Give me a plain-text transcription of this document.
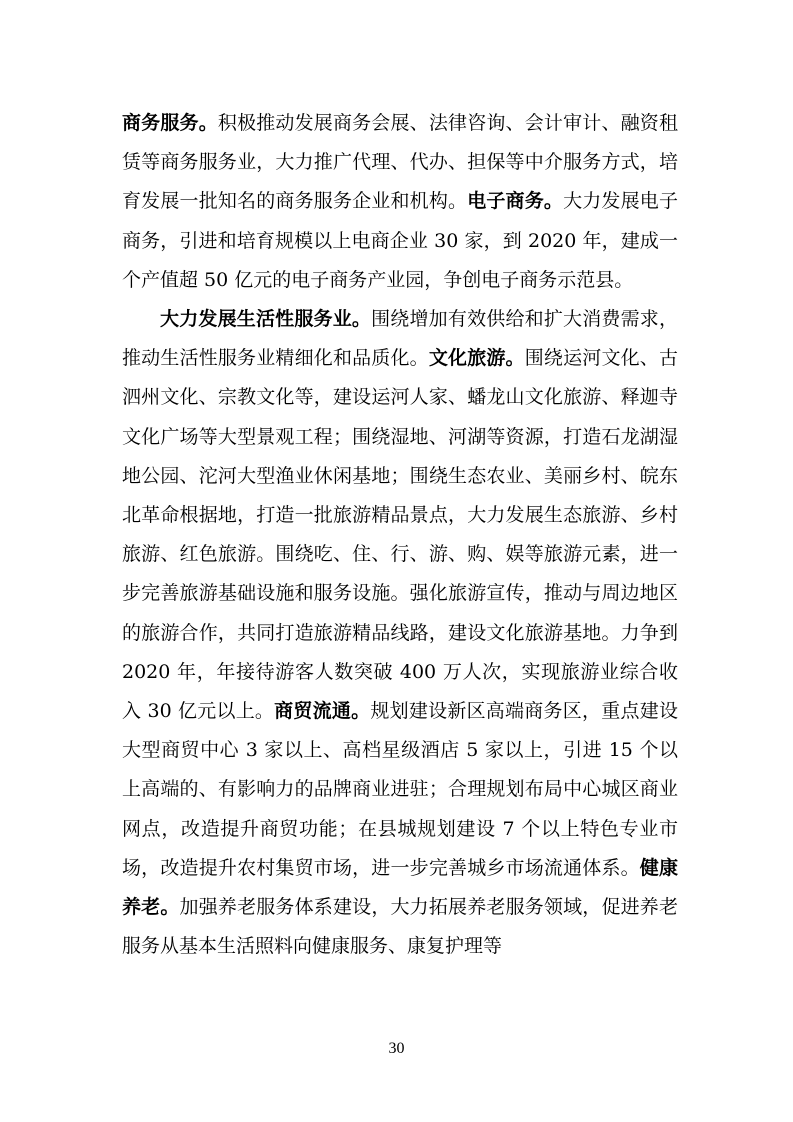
商务服务。积极推动发展商务会展、法律咨询、会计审计、融资租赁等商务服务业，大力推广代理、代办、担保等中介服务方式，培育发展一批知名的商务服务企业和机构。电子商务。大力发展电子商务，引进和培育规模以上电商企业 30 家，到 2020 年，建成一个产值超 50 亿元的电子商务产业园，争创电子商务示范县。

大力发展生活性服务业。围绕增加有效供给和扩大消费需求，推动生活性服务业精细化和品质化。文化旅游。围绕运河文化、古泗州文化、宗教文化等，建设运河人家、蟠龙山文化旅游、释迦寺文化广场等大型景观工程；围绕湿地、河湖等资源，打造石龙湖湿地公园、沱河大型渔业休闲基地；围绕生态农业、美丽乡村、皖东北革命根据地，打造一批旅游精品景点，大力发展生态旅游、乡村旅游、红色旅游。围绕吃、住、行、游、购、娱等旅游元素，进一步完善旅游基础设施和服务设施。强化旅游宣传，推动与周边地区的旅游合作，共同打造旅游精品线路，建设文化旅游基地。力争到 2020 年，年接待游客人数突破 400 万人次，实现旅游业综合收入 30 亿元以上。商贸流通。规划建设新区高端商务区，重点建设大型商贸中心 3 家以上、高档星级酒店 5 家以上，引进 15 个以上高端的、有影响力的品牌商业进驻；合理规划布局中心城区商业网点，改造提升商贸功能；在县城规划建设 7 个以上特色专业市场，改造提升农村集贸市场，进一步完善城乡市场流通体系。健康养老。加强养老服务体系建设，大力拓展养老服务领域，促进养老服务从基本生活照料向健康服务、康复护理等

30
